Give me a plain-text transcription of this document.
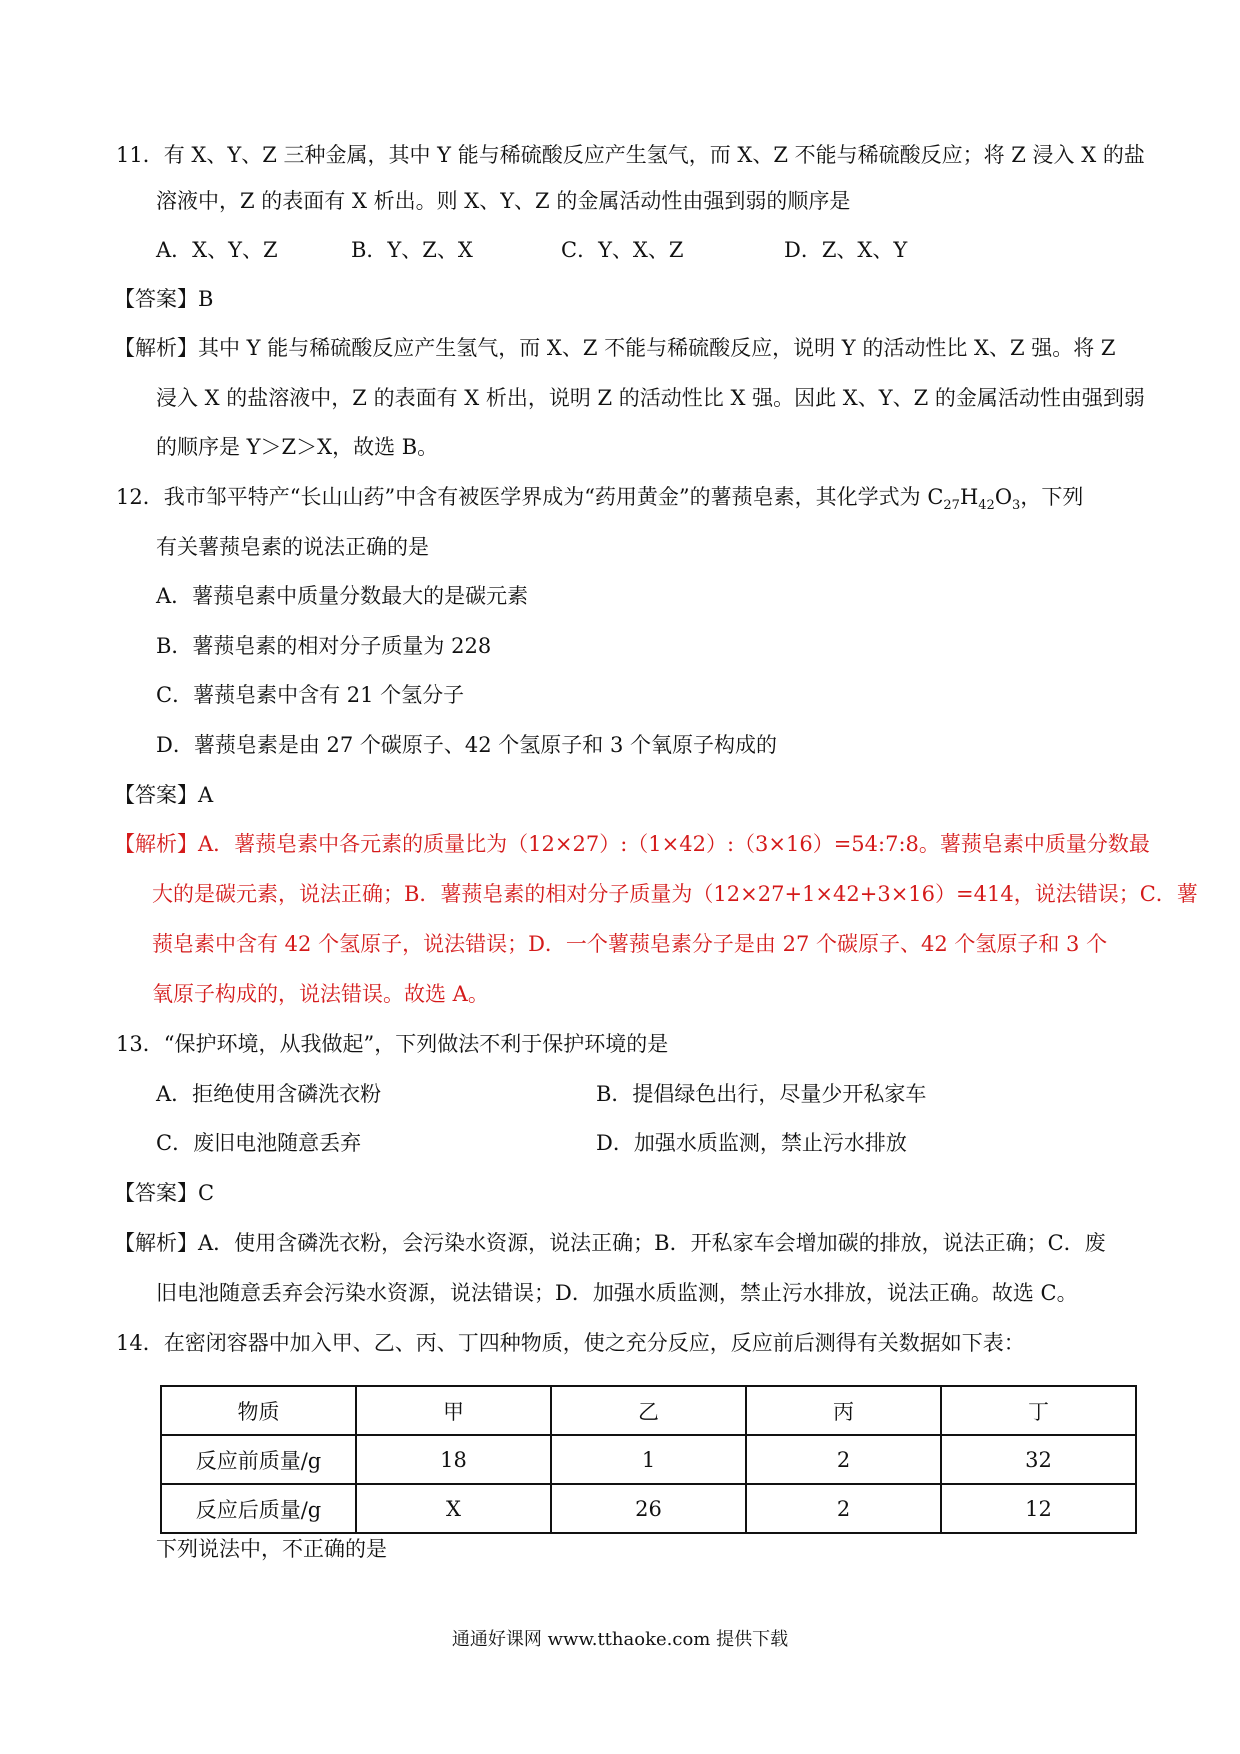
11．有 X、Y、Z 三种金属，其中 Y 能与稀硫酸反应产生氢气，而 X、Z 不能与稀硫酸反应；将 Z 浸入 X 的盐
溶液中，Z 的表面有 X 析出。则 X、Y、Z 的金属活动性由强到弱的顺序是
A．X、Y、Z	B．Y、Z、X	C．Y、X、Z	D．Z、X、Y
【答案】B
【解析】其中 Y 能与稀硫酸反应产生氢气，而 X、Z 不能与稀硫酸反应，说明 Y 的活动性比 X、Z 强。将 Z
浸入 X 的盐溶液中，Z 的表面有 X 析出，说明 Z 的活动性比 X 强。因此 X、Y、Z 的金属活动性由强到弱
的顺序是 Y＞Z＞X，故选 B。
12．我市邹平特产“长山山药”中含有被医学界成为“药用黄金”的薯蓣皂素，其化学式为 $C_{27}H_{42}O_3$，下列
有关薯蓣皂素的说法正确的是
A．薯蓣皂素中质量分数最大的是碳元素
B．薯蓣皂素的相对分子质量为 228
C．薯蓣皂素中含有 21 个氢分子
D．薯蓣皂素是由 27 个碳原子、42 个氢原子和 3 个氧原子构成的
【答案】A
【解析】A．薯蓣皂素中各元素的质量比为（12×27）:（1×42）:（3×16）=54:7:8。薯蓣皂素中质量分数最
大的是碳元素，说法正确；B．薯蓣皂素的相对分子质量为（12×27+1×42+3×16）=414，说法错误；C．薯
蓣皂素中含有 42 个氢原子，说法错误；D．一个薯蓣皂素分子是由 27 个碳原子、42 个氢原子和 3 个
氧原子构成的，说法错误。故选 A。
13．“保护环境，从我做起”，下列做法不利于保护环境的是
A．拒绝使用含磷洗衣粉	B．提倡绿色出行，尽量少开私家车
C．废旧电池随意丢弃	D．加强水质监测，禁止污水排放
【答案】C
【解析】A．使用含磷洗衣粉，会污染水资源，说法正确；B．开私家车会增加碳的排放，说法正确；C．废
旧电池随意丢弃会污染水资源，说法错误；D．加强水质监测，禁止污水排放，说法正确。故选 C。
14．在密闭容器中加入甲、乙、丙、丁四种物质，使之充分反应，反应前后测得有关数据如下表：
物质	甲	乙	丙	丁
反应前质量/g	18	1	2	32
反应后质量/g	X	26	2	12
下列说法中，不正确的是
通通好课网 www.tthaoke.com 提供下载
